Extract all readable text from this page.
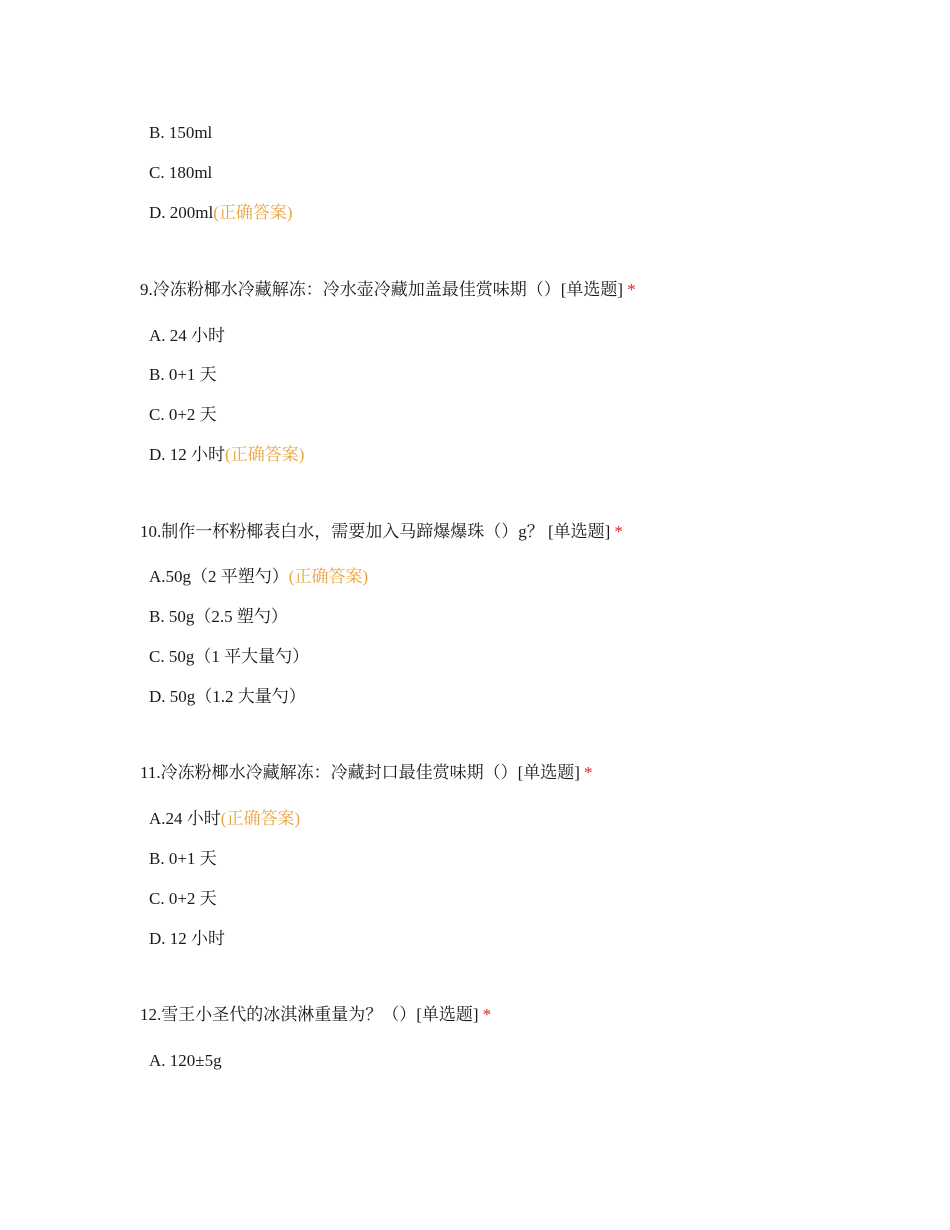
B. 150ml
C. 180ml
D. 200ml(正确答案)
9.冷冻粉椰水冷藏解冻：冷水壶冷藏加盖最佳赏味期（）[单选题] *
A. 24 小时
B. 0+1 天
C. 0+2 天
D. 12 小时(正确答案)
10.制作一杯粉椰表白水，需要加入马蹄爆爆珠（）g？ [单选题] *
A.50g（2 平塑勺）(正确答案)
B. 50g（2.5 塑勺）
C. 50g（1 平大量勺）
D. 50g（1.2 大量勺）
11.冷冻粉椰水冷藏解冻：冷藏封口最佳赏味期（）[单选题] *
A.24 小时(正确答案)
B. 0+1 天
C. 0+2 天
D. 12 小时
12.雪王小圣代的冰淇淋重量为？（）[单选题] *
A. 120±5g
